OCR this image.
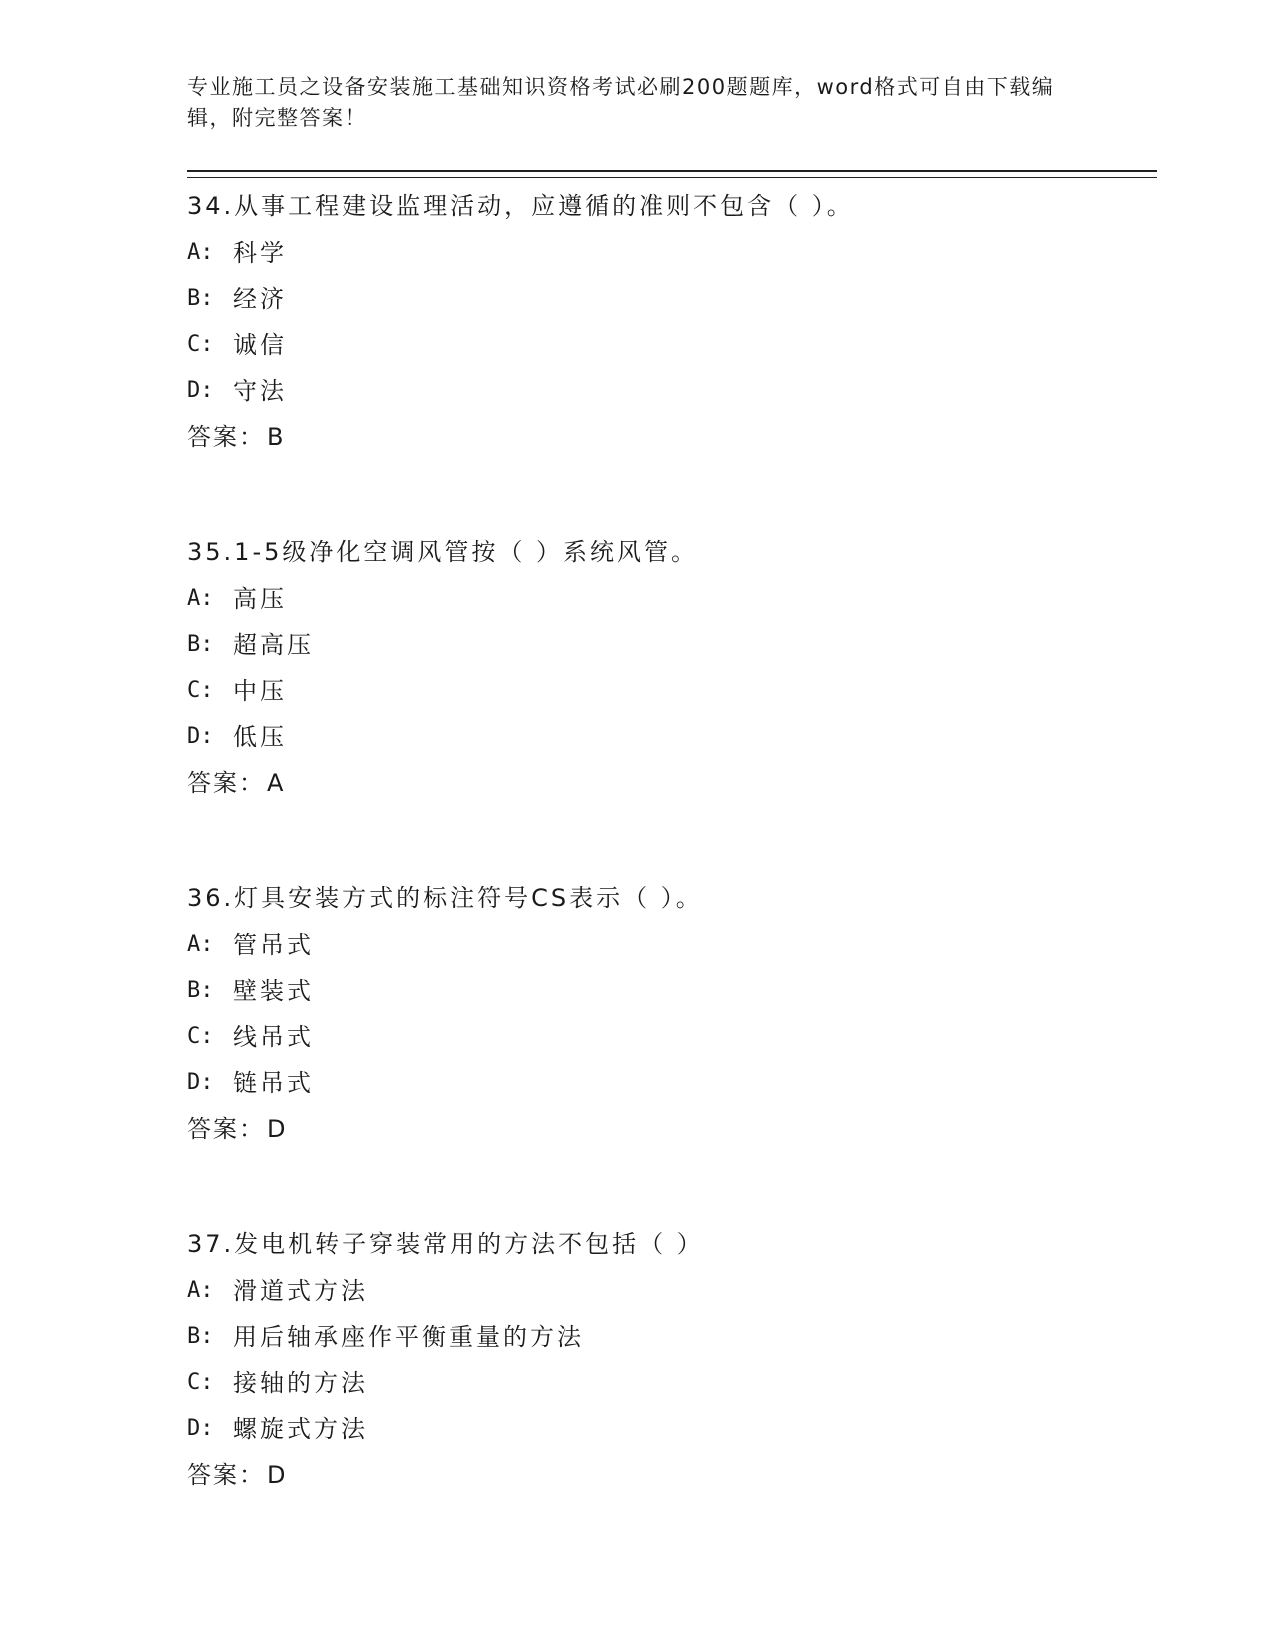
专业施工员之设备安装施工基础知识资格考试必刷200题题库，word格式可自由下载编辑，附完整答案！

34.从事工程建设监理活动，应遵循的准则不包含（ ）。

A: 科学
B: 经济
C: 诚信
D: 守法
答案： B

35.1-5级净化空调风管按（ ）系统风管。

A: 高压
B: 超高压
C: 中压
D: 低压
答案： A

36.灯具安装方式的标注符号CS表示（ ）。

A: 管吊式
B: 壁装式
C: 线吊式
D: 链吊式
答案： D

37.发电机转子穿装常用的方法不包括（ ）

A: 滑道式方法
B: 用后轴承座作平衡重量的方法
C: 接轴的方法
D: 螺旋式方法
答案： D
